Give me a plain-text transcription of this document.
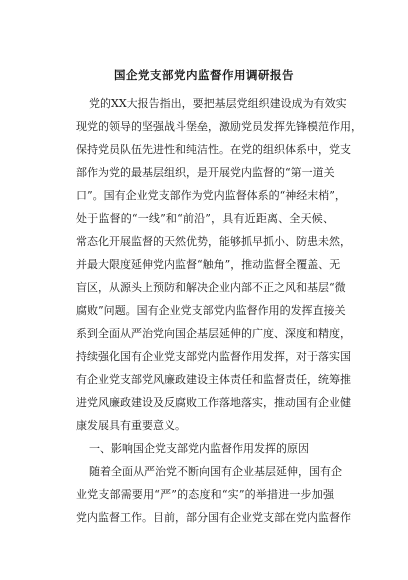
国企党支部党内监督作用调研报告
党的XX大报告指出，要把基层党组织建设成为有效实
现党的领导的坚强战斗堡垒，激励党员发挥先锋模范作用，
保持党员队伍先进性和纯洁性。在党的组织体系中，党支
部作为党的最基层组织，是开展党内监督的“第一道关
口”。国有企业党支部作为党内监督体系的“神经末梢”，
处于监督的“一线”和“前沿”，具有近距离、全天候、
常态化开展监督的天然优势，能够抓早抓小、防患未然，
并最大限度延伸党内监督“触角”，推动监督全覆盖、无
盲区，从源头上预防和解决企业内部不正之风和基层“微
腐败”问题。国有企业党支部党内监督作用的发挥直接关
系到全面从严治党向国企基层延伸的广度、深度和精度，
持续强化国有企业党支部党内监督作用发挥，对于落实国
有企业党支部党风廉政建设主体责任和监督责任，统筹推
进党风廉政建设及反腐败工作落地落实，推动国有企业健
康发展具有重要意义。
一、影响国企党支部党内监督作用发挥的原因
随着全面从严治党不断向国有企业基层延伸，国有企
业党支部需要用“严”的态度和“实”的举措进一步加强
党内监督工作。目前，部分国有企业党支部在党内监督作
